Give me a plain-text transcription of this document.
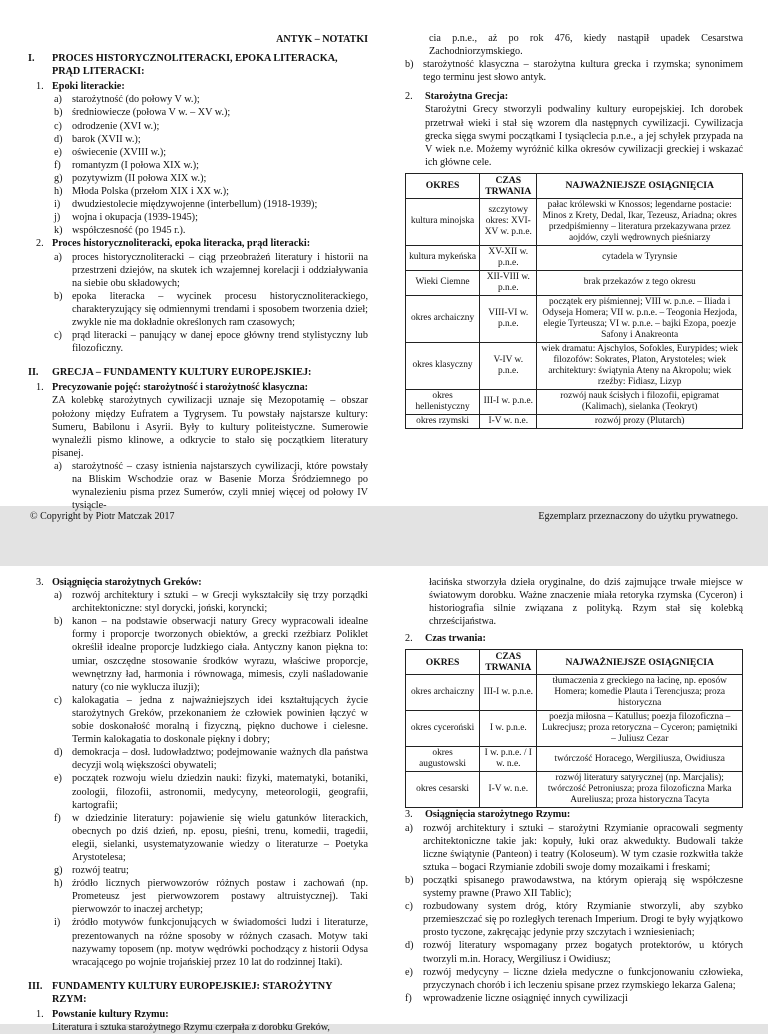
ANTYK – NOTATKI
I.	PROCES HISTORYCZNOLITERACKI, EPOKA LITERACKA, PRĄD LITERACKI:
1. Epoki literackie:
a) starożytność (do połowy V w.);
b) średniowiecze (połowa V w. – XV w.);
c) odrodzenie (XVI w.);
d) barok (XVII w.);
e) oświecenie (XVIII w.);
f)	romantyzm (I połowa XIX w.);
g) pozytywizm (II połowa XIX w.);
h) Młoda Polska (przełom XIX i XX w.);
i)	dwudziestolecie międzywojenne (interbellum) (1918-1939);
j)	wojna i okupacja (1939-1945);
k) współczesność (po 1945 r.).
2. Proces historycznoliteracki, epoka literacka, prąd literacki:
a) proces historycznoliteracki – ciąg przeobrażeń literatury i historii na przestrzeni dziejów, na skutek ich wzajemnej korelacji i oddziaływania na siebie obu składowych;
b) epoka literacka – wycinek procesu historycznoliterackiego, charakteryzujący się odmiennymi trendami i sposobem tworzenia dzieł; zwykle nie ma dokładnie określonych ram czasowych;
c) prąd literacki – panujący w danej epoce główny trend stylistyczny lub filozoficzny.
II.	GRECJA – FUNDAMENTY KULTURY EUROPEJSKIEJ:
1. Precyzowanie pojęć: starożytność i starożytność klasyczna:
ZA kolebkę starożytnych cywilizacji uznaje się Mezopotamię – obszar położony między Eufratem a Tygrysem. Tu powstały najstarsze kultury: Sumeru, Babilonu i Asyrii. Były to kultury politeistyczne. Sumerowie wynaleźli pismo klinowe, a odkrycie to stało się początkiem literatury pisanej.
a) starożytność – czasy istnienia najstarszych cywilizacji, które powstały na Bliskim Wschodzie oraz w Basenie Morza Śródziemnego po wynalezieniu pisma przez Sumerów, czyli mniej więcej od połowy IV tysiącle-
cia p.n.e., aż po rok 476, kiedy nastąpił upadek Cesarstwa Zachodniorzymskiego.
b) starożytność klasyczna – starożytna kultura grecka i rzymska; synonimem tego terminu jest słowo antyk.
2.	Starożytna Grecja:
Starożytni Grecy stworzyli podwaliny kultury europejskiej. Ich dorobek przetrwał wieki i stał się wzorem dla następnych cywilizacji. Cywilizacja grecka sięga swymi początkami I tysiąclecia p.n.e., a jej schyłek przypada na V wiek n.e. Możemy wyróżnić kilka okresów cywilizacji greckiej i wskazać ich główne cele.
OKRES	CZAS TRWANIA	NAJWAŻNIEJSZE OSIĄGNIĘCIA
kultura minojska	szczytowy okres: XVI-XV w. p.n.e.	pałac królewski w Knossos; legendarne postacie: Minos z Krety, Dedal, Ikar, Tezeusz, Ariadna; okres przedpiśmienny – literatura przekazywana przez aojdów, czyli wędrownych pieśniarzy
kultura mykeńska	XV-XII w. p.n.e.	cytadela w Tyrynsie
Wieki Ciemne	XII-VIII w. p.n.e.	brak przekazów z tego okresu
okres archaiczny	VIII-VI w. p.n.e.	początek ery piśmiennej; VIII w. p.n.e. – Iliada i Odyseja Homera; VII w. p.n.e. – Teogonia Hezjoda, elegie Tyrteusza; VI w. p.n.e. – bajki Ezopa, poezje Safony i Anakreonta
okres klasyczny	V-IV w. p.n.e.	wiek dramatu: Ajschylos, Sofokles, Eurypides; wiek filozofów: Sokrates, Platon, Arystoteles; wiek architektury: świątynia Ateny na Akropolu; wiek rzeźby: Fidiasz, Lizyp
okres hellenistyczny	III-I w. p.n.e.	rozwój nauk ścisłych i filozofii, epigramat (Kalimach), sielanka (Teokryt)
okres rzymski	I-V w. n.e.	rozwój prozy (Plutarch)
© Copyright by Piotr Matczak 2017	Egzemplarz przeznaczony do użytku prywatnego.
3. Osiągnięcia starożytnych Greków:
a) rozwój architektury i sztuki – w Grecji wykształciły się trzy porządki architektoniczne: styl dorycki, joński, koryncki;
b) kanon – na podstawie obserwacji natury Grecy wypracowali idealne formy i proporcje tworzonych obiektów, a grecki rzeźbiarz Poliklet określił idealne proporcje ludzkiego ciała. Antyczny kanon piękna to: umiar, oszczędne stosowanie środków wyrazu, właściwe proporcje, wewnętrzny ład, harmonia i równowaga, mimesis, czyli naśladowanie natury (co nie wyklucza iluzji);
c) kalokagatia – jedna z najważniejszych idei kształtujących życie starożytnych Greków, przekonaniem że człowiek powinien łączyć w sobie doskonałość moralną i fizyczną, piękno duchowe i cielesne. Termin kalokagatia to doskonale piękny i dobry;
d) demokracja – dosł. ludowładztwo; podejmowanie ważnych dla państwa decyzji wolą większości obywateli;
e) początek rozwoju wielu dziedzin nauki: fizyki, matematyki, botaniki, zoologii, filozofii, astronomii, medycyny, meteorologii, geografii, kartografii;
f)	w dziedzinie literatury: pojawienie się wielu gatunków literackich, obecnych po dziś dzień, np. eposu, pieśni, trenu, komedii, tragedii, elegii, sielanki, usystematyzowanie wiedzy o literaturze – Poetyka Arystotelesa;
g) rozwój teatru;
h) źródło licznych pierwowzorów różnych postaw i zachowań (np. Prometeusz jest pierwowzorem postawy altruistycznej). Taki pierwowzór to inaczej archetyp;
i)	źródło motywów funkcjonujących w świadomości ludzi i literaturze, prezentowanych na różne sposoby w różnych czasach. Motyw taki nazywamy toposem (np. motyw wędrówki pochodzący z historii Odysa wracającego po wojnie trojańskiej przez 10 lat do rodzinnej Itaki).
III. FUNDAMENTY KULTURY EUROPEJSKIEJ: STAROŻYTNY RZYM:
1. Powstanie kultury Rzymu:
Literatura i sztuka starożytnego Rzymu czerpała z dorobku Greków,
łacińska stworzyła dzieła oryginalne, do dziś zajmujące trwałe miejsce w światowym dorobku. Ważne znaczenie miała retoryka rzymska (Cyceron) i historiografia silnie związana z polityką. Rzym stał się kolebką chrześcijaństwa.
2.	Czas trwania:
OKRES	CZAS TRWANIA	NAJWAŻNIEJSZE OSIĄGNIĘCIA
okres archaiczny	III-I w. p.n.e.	tłumaczenia z greckiego na łacinę, np. eposów Homera; komedie Plauta i Terencjusza; proza historyczna
okres cyceroński	I w. p.n.e.	poezja miłosna – Katullus; poezja filozoficzna – Lukrecjusz; proza retoryczna – Cyceron; pamiętniki – Juliusz Cezar
okres augustowski	I w. p.n.e. / I w. n.e.	twórczość Horacego, Wergiliusza, Owidiusza
okres cesarski	I-V w. n.e.	rozwój literatury satyrycznej (np. Marcjalis); twórczość Petroniusza; proza filozoficzna Marka Aureliusza; proza historyczna Tacyta
3.	Osiągnięcia starożytnego Rzymu:
a) rozwój architektury i sztuki – starożytni Rzymianie opracowali segmenty architektoniczne takie jak: kopuły, łuki oraz akwedukty. Budowali także liczne świątynie (Panteon) i teatry (Koloseum). W tym czasie rozkwitła także sztuka – bogaci Rzymianie zdobili swoje domy mozaikami i freskami;
b) początki spisanego prawodawstwa, na którym opierają się współczesne systemy prawne (Prawo XII Tablic);
c) rozbudowany system dróg, który Rzymianie stworzyli, aby szybko przemieszczać się po rozległych terenach Imperium. Drogi te były wyjątkowo prosto tyczone, zakręcając jedynie przy szczytach i wzniesieniach;
d) rozwój literatury wspomagany przez bogatych protektorów, u których tworzyli m.in. Horacy, Wergiliusz i Owidiusz;
e) rozwój medycyny – liczne dzieła medyczne o funkcjonowaniu człowieka, przyczynach chorób i ich leczeniu spisane przez rzymskiego lekarza Galena;
f)	wprowadzenie liczne osiągnięć innych cywilizacji
